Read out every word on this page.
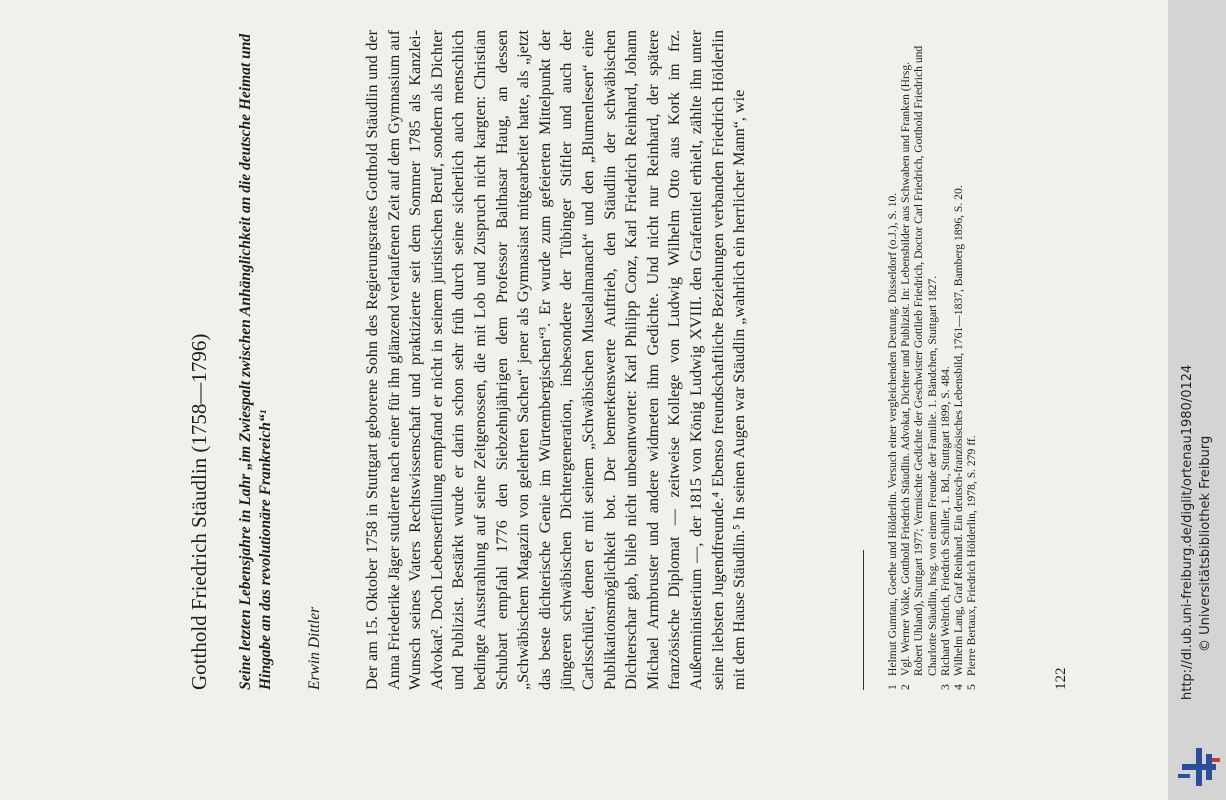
Gotthold Friedrich Stäudlin (1758—1796) Seine letzten Lebensjahre in Lahr „im Zwiespalt zwischen Anhänglichkeit an die deutsche Heimat und Hingabe an das revolutionäre Frankreich“¹ Erwin Dittler Der am 15. Oktober 1758 in Stuttgart geborene Sohn des Regierungsrates Gotthold Stäudlin und der Anna Friederike Jäger studierte nach einer für ihn glänzend verlaufenen Zeit auf dem Gymnasium auf Wunsch seines Vaters Rechtswissenschaft und praktizierte seit dem Sommer 1785 als Kanzlei-Advokat². Doch Lebenserfüllung empfand er nicht in seinem juristischen Beruf, sondern als Dichter und Publizist. Bestärkt wurde er darin schon sehr früh durch seine sicherlich auch menschlich bedingte Ausstrahlung auf seine Zeitgenossen, die mit Lob und Zuspruch nicht kargten: Christian Schubart empfahl 1776 den Siebzehnjährigen dem Professor Balthasar Haug, an dessen „Schwäbischem Magazin von gelehrten Sachen“ jener als Gymnasiast mitgearbeitet hatte, als „jetzt das beste dichterische Genie im Würtembergischen“³. Er wurde zum gefeierten Mittelpunkt der jüngeren schwäbischen Dichtergeneration, insbesondere der Tübinger Stiftler und auch der Carlsschüler, denen er mit seinem „Schwäbischen Muselalmanach“ und den „Blumenlesen“ eine Publikationsmöglichkeit bot. Der bemerkenswerte Auftrieb, den Stäudlin der schwäbischen Dichterschar gab, blieb nicht unbeantwortet: Karl Philipp Conz, Karl Friedrich Reinhard, Johann Michael Armbruster und andere widmeten ihm Gedichte. Und nicht nur Reinhard, der spätere französische Diplomat — zeitweise Kollege von Ludwig Wilhelm Otto aus Kork im frz. Außenministerium —, der 1815 von König Ludwig XVIII. den Grafentitel erhielt, zählte ihn unter seine liebsten Jugendfreunde.⁴ Ebenso freundschaftliche Beziehungen verbanden Friedrich Hölderlin mit dem Hause Stäudlin.⁵ In seinen Augen war Stäudlin „wahrlich ein herrlicher Mann“, wie	1
Helmut Gumtau, Goethe und Hölderlin. Versuch einer vergleichenden Deutung. Düsseldorf (o.J.), S. 10.

2
Vgl. Werner Volke, Gotthold Friedrich Stäudlin. Advokat, Dichter und Publizist. In: Lebensbilder aus Schwaben und Franken (Hrsg. Robert Uhland), Stuttgart 1977; Vermischte Gedichte der Geschwister Gottlieb Friedrich, Doctor Carl Friedrich, Gotthold Friedrich und Charlotte Stäudlin, hrsg. von einem Freunde der Familie. 1. Bändchen, Stuttgart 1827.

3
Richard Weltrich, Friedrich Schiller, 1. Bd., Stuttgart 1899, S. 484.

4
Wilhelm Lang, Graf Reinhard. Ein deutsch-französisches Lebensbild, 1761—1837, Bamberg 1896, S. 20.

5
Pierre Bertaux, Friedrich Hölderlin, 1978, S. 279 ff.

122	http://dl.ub.uni-freiburg.de/diglit/ortenau1980/0124 © Universitätsbibliothek Freiburg
